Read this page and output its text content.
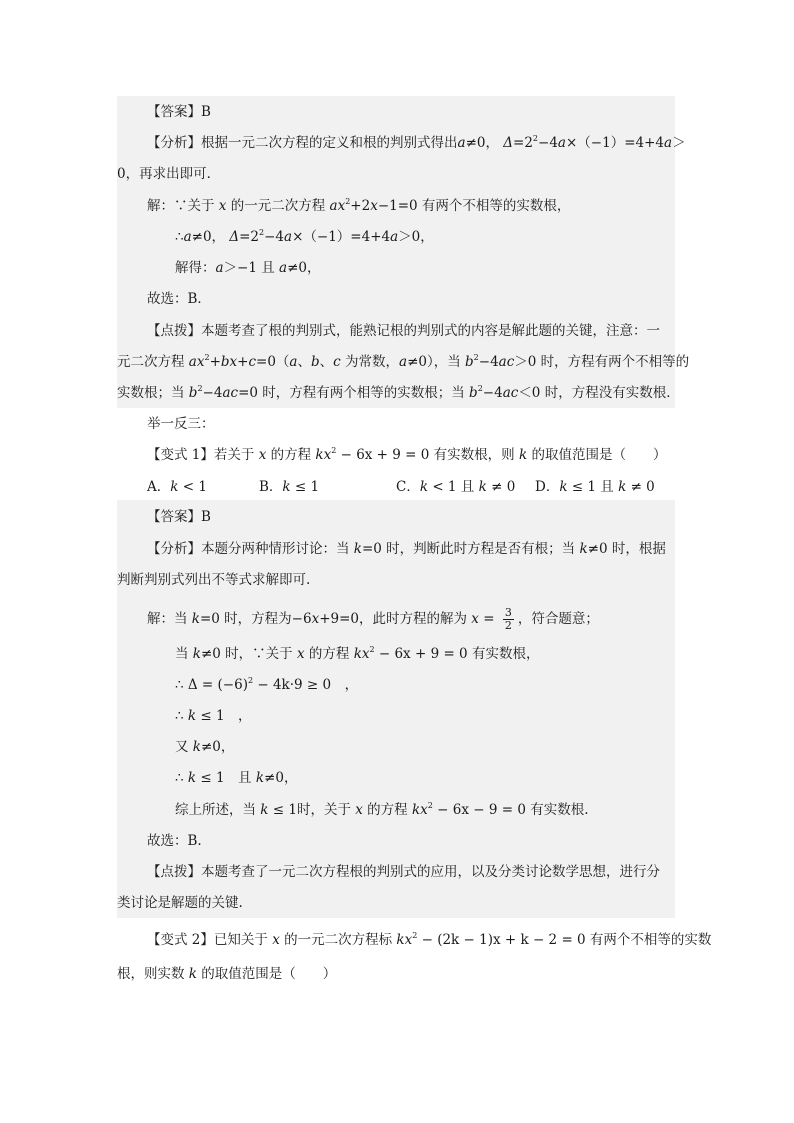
【答案】B
【分析】根据一元二次方程的定义和根的判别式得出a≠0， $\Delta=2^2-4a\times(-1)=4+4a>$
0，再求出即可．
解：∵关于 x 的一元二次方程 $ax^2+2x-1=0$ 有两个不相等的实数根，
∴a≠0， $\Delta=2^2-4a\times(-1)=4+4a>0$，
解得：a＞−1 且 a≠0，
故选：B．
【点拨】本题考查了根的判别式，能熟记根的判别式的内容是解此题的关键，注意：一
元二次方程 $ax^2+bx+c=0(a$、b、c 为常数，a≠0），当 $b^2-4ac>0$ 时，方程有两个不相等的
实数根；当 $b^2-4ac=0$ 时，方程有两个相等的实数根；当 $b^2-4ac<0$ 时，方程没有实数根．
举一反三：
【变式 1】若关于 x 的方程 $kx^2 - 6x + 9 = 0$ 有实数根，则 k 的取值范围是（　　）
A．k < 1	B．k ≤ 1	C．k < 1 且 k ≠ 0 D．k ≤ 1 且 k ≠ 0
【答案】B
【分析】本题分两种情形讨论：当 k=0 时，判断此时方程是否有根；当 k≠0 时，根据
判断判别式列出不等式求解即可.
解：当 k=0 时，方程为−6x+9=0，此时方程的解为 $x = \frac{3}{2}$ ，符合题意；
当 k≠0 时，∵关于 x 的方程 $kx^2 - 6x + 9 = 0$ 有实数根，
∴ $\Delta = (-6)^2 - 4k\cdot 9 \ge 0$　，
∴ k ≤ 1　，
又 k≠0，
∴ k ≤ 1　且 k≠0，
综上所述，当 k ≤ 1时，关于 x 的方程 $kx^2 - 6x - 9 = 0$ 有实数根.
故选：B.
【点拨】本题考查了一元二次方程根的判别式的应用，以及分类讨论数学思想，进行分
类讨论是解题的关键.
【变式 2】已知关于 x 的一元二次方程标 $kx^2 - (2k - 1)x + k - 2 = 0$ 有两个不相等的实数
根，则实数 k 的取值范围是（　　）
